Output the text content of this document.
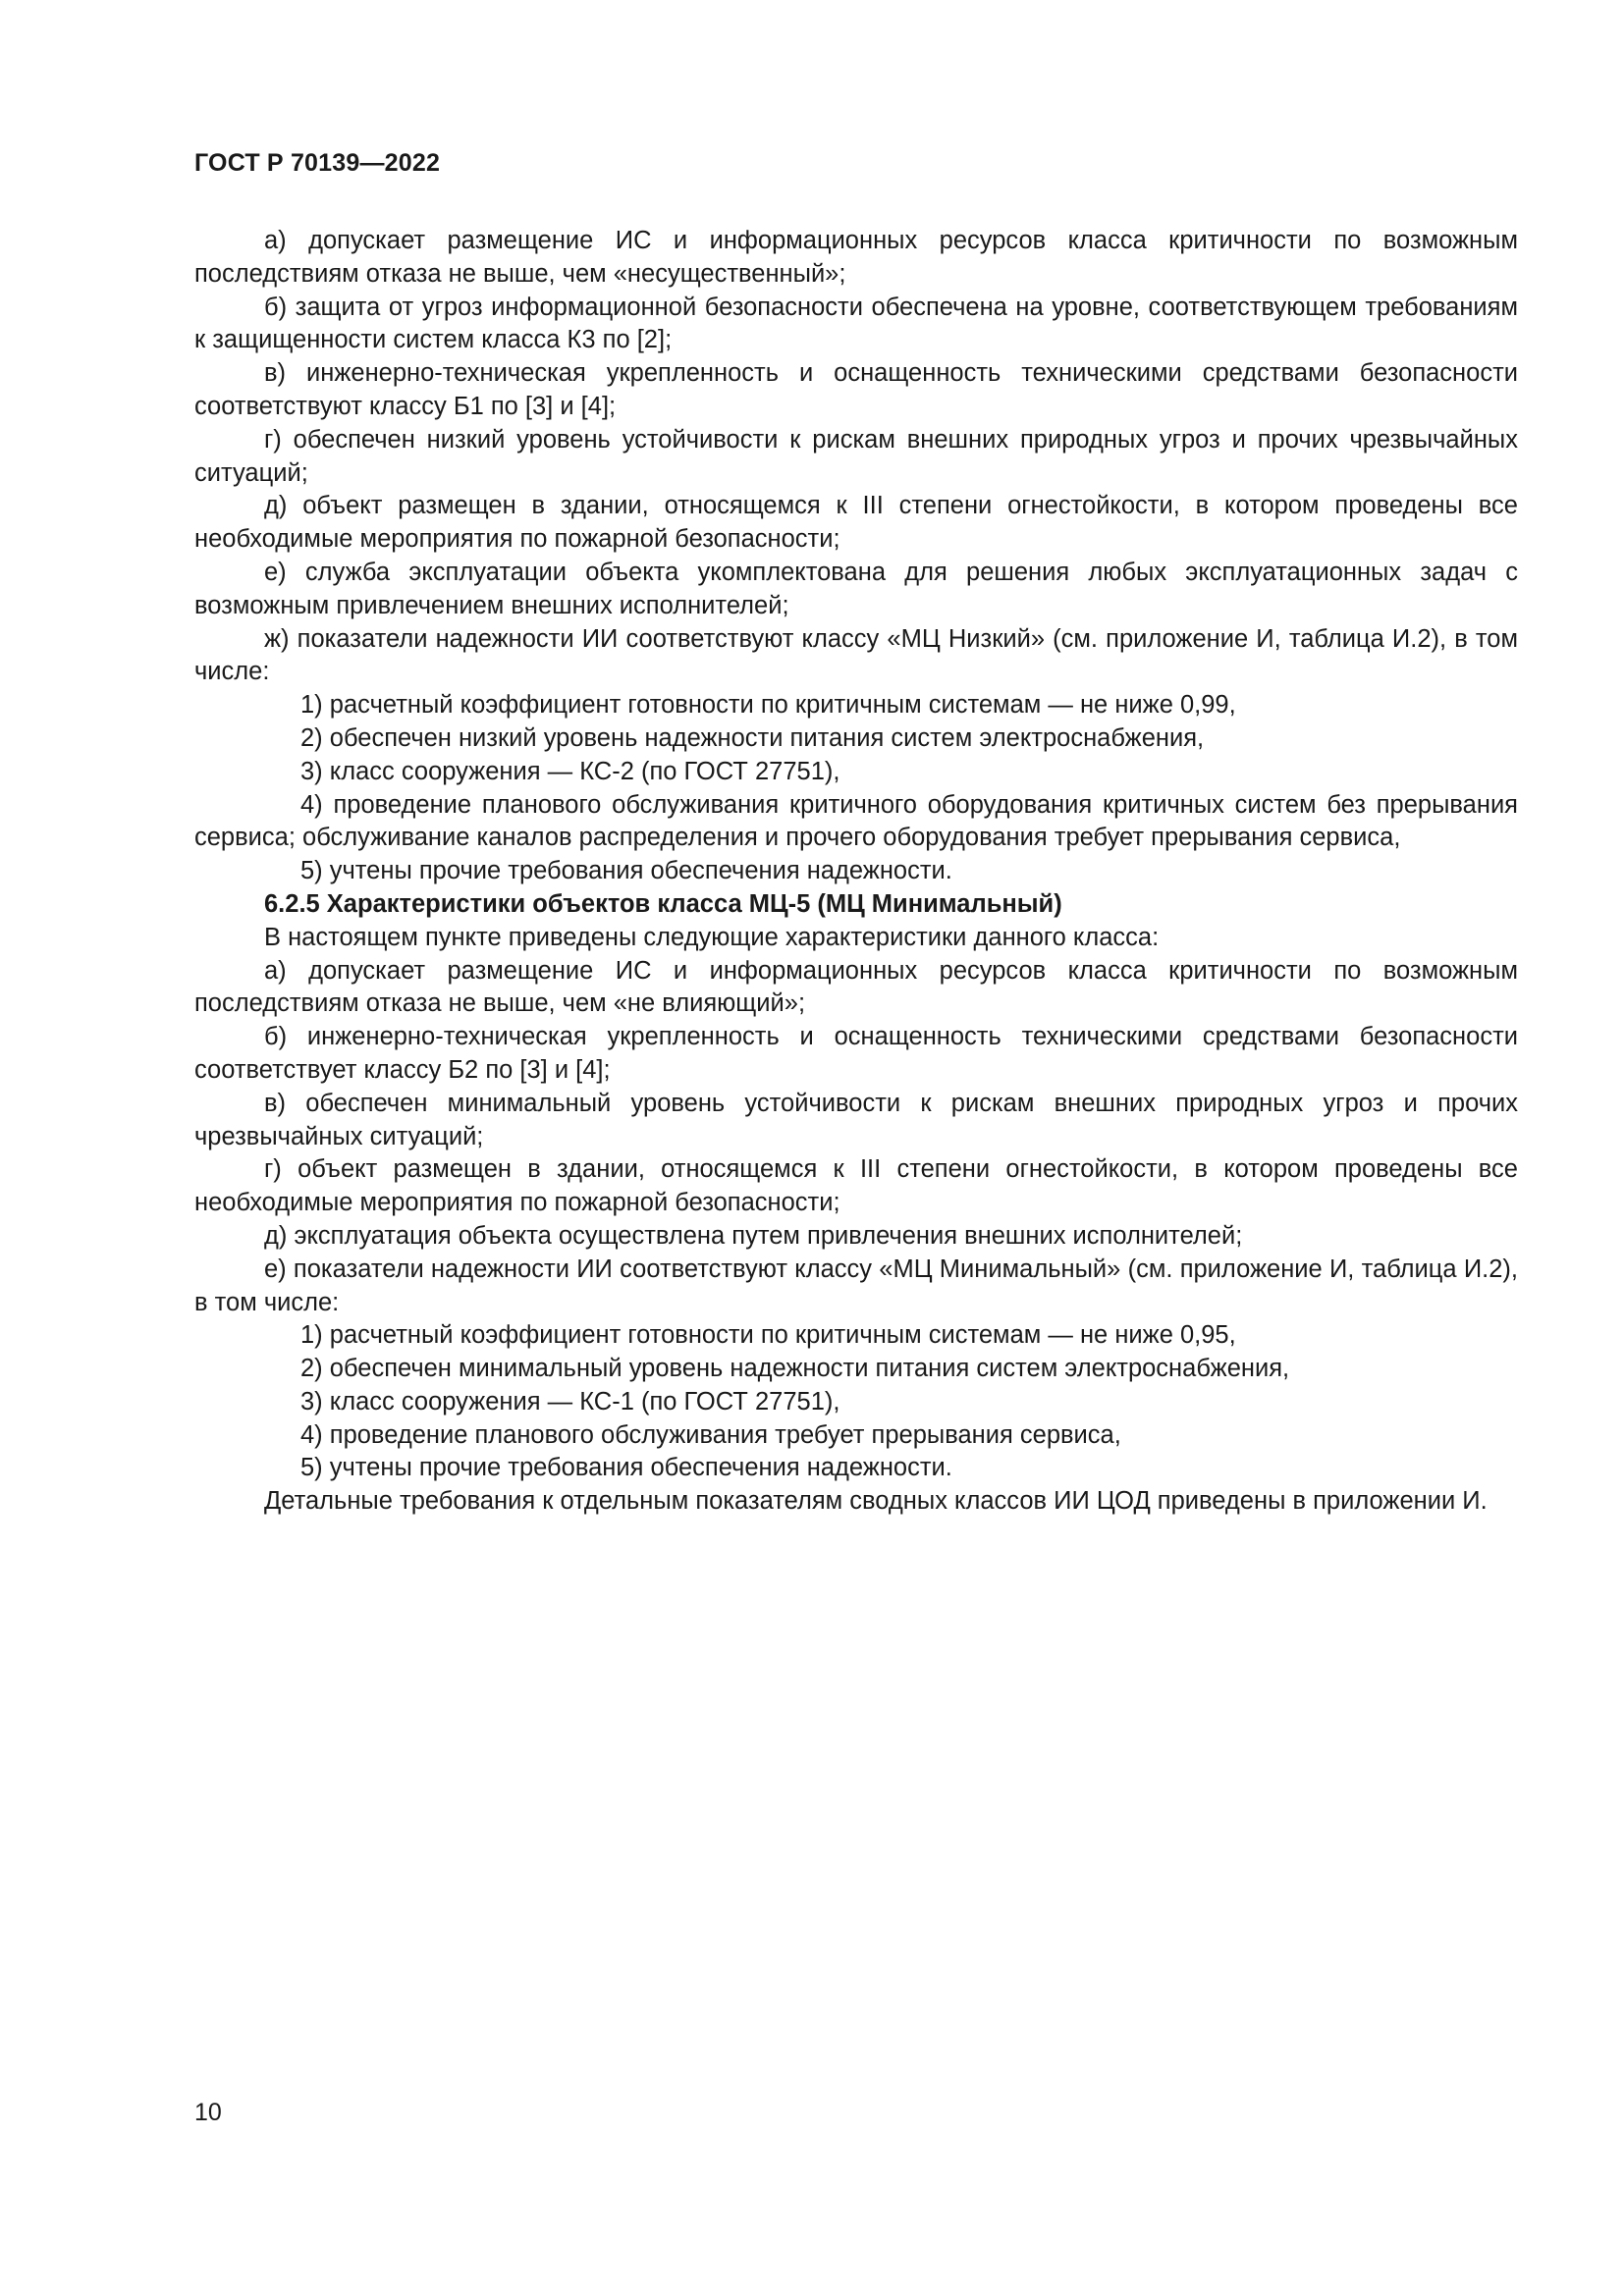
ГОСТ Р 70139—2022

а) допускает размещение ИС и информационных ресурсов класса критичности по возможным последствиям отказа не выше, чем «несущественный»;

б) защита от угроз информационной безопасности обеспечена на уровне, соответствующем требованиям к защищенности систем класса К3 по [2];

в) инженерно-техническая укрепленность и оснащенность техническими средствами безопасности соответствуют классу Б1 по [3] и [4];

г) обеспечен низкий уровень устойчивости к рискам внешних природных угроз и прочих чрезвычайных ситуаций;

д) объект размещен в здании, относящемся к III степени огнестойкости, в котором проведены все необходимые мероприятия по пожарной безопасности;

е) служба эксплуатации объекта укомплектована для решения любых эксплуатационных задач с возможным привлечением внешних исполнителей;

ж) показатели надежности ИИ соответствуют классу «МЦ Низкий» (см. приложение И, таблица И.2), в том числе:

1) расчетный коэффициент готовности по критичным системам — не ниже 0,99,

2) обеспечен низкий уровень надежности питания систем электроснабжения,

3) класс сооружения — КС-2 (по ГОСТ 27751),

4) проведение планового обслуживания критичного оборудования критичных систем без прерывания сервиса; обслуживание каналов распределения и прочего оборудования требует прерывания сервиса,

5) учтены прочие требования обеспечения надежности.

6.2.5 Характеристики объектов класса МЦ-5 (МЦ Минимальный)

В настоящем пункте приведены следующие характеристики данного класса:

а) допускает размещение ИС и информационных ресурсов класса критичности по возможным последствиям отказа не выше, чем «не влияющий»;

б) инженерно-техническая укрепленность и оснащенность техническими средствами безопасности соответствует классу Б2 по [3] и [4];

в) обеспечен минимальный уровень устойчивости к рискам внешних природных угроз и прочих чрезвычайных ситуаций;

г) объект размещен в здании, относящемся к III степени огнестойкости, в котором проведены все необходимые мероприятия по пожарной безопасности;

д) эксплуатация объекта осуществлена путем привлечения внешних исполнителей;

е) показатели надежности ИИ соответствуют классу «МЦ Минимальный» (см. приложение И, таблица И.2), в том числе:

1) расчетный коэффициент готовности по критичным системам — не ниже 0,95,

2) обеспечен минимальный уровень надежности питания систем электроснабжения,

3) класс сооружения — КС-1 (по ГОСТ 27751),

4) проведение планового обслуживания требует прерывания сервиса,

5) учтены прочие требования обеспечения надежности.

Детальные требования к отдельным показателям сводных классов ИИ ЦОД приведены в приложении И.

10
